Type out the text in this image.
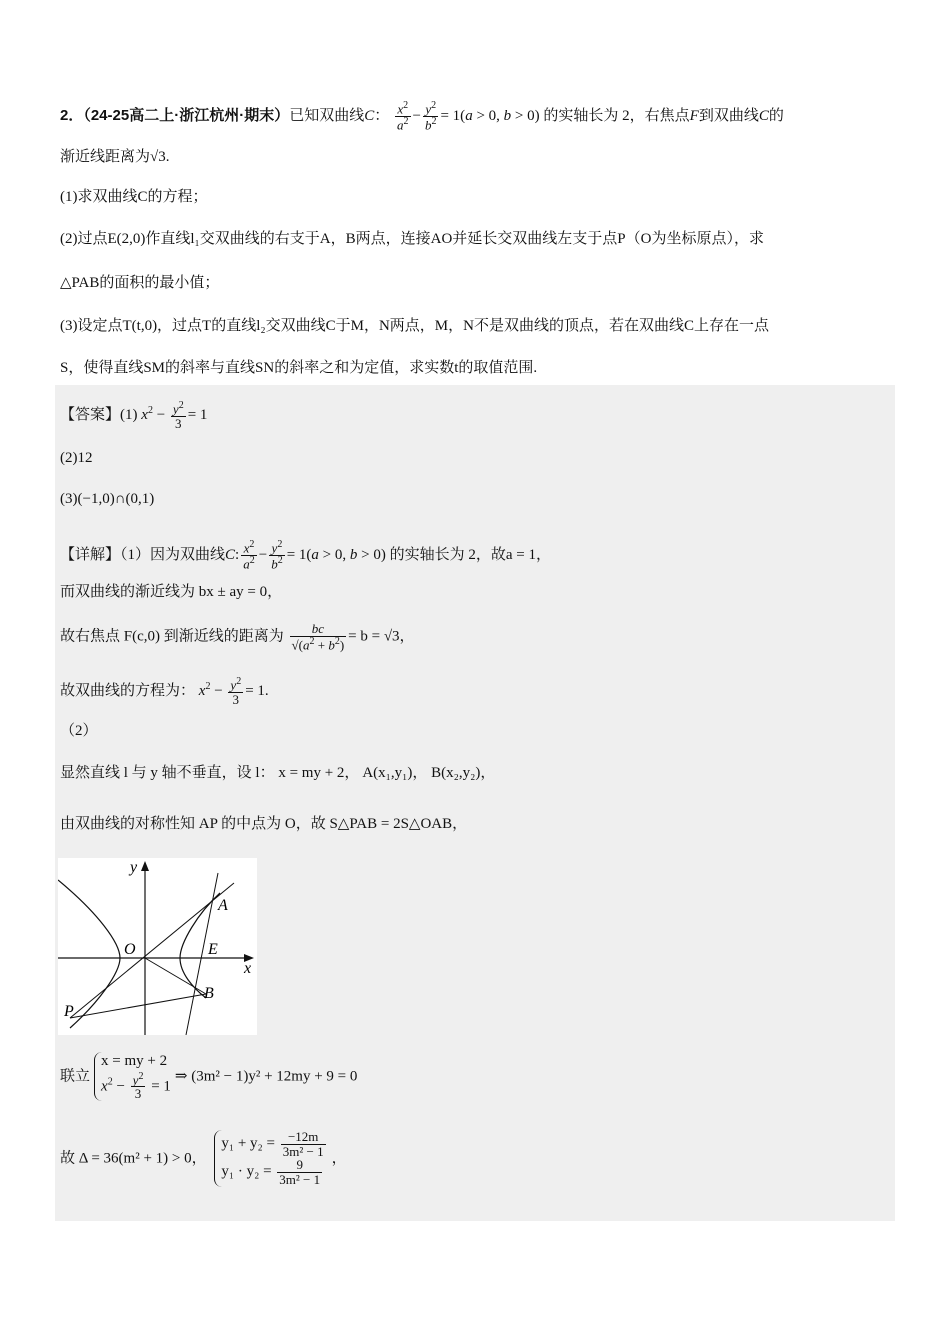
2．（24-25高二上·浙江杭州·期末）已知双曲线C： $\frac{x^2}{a^2} - \frac{y^2}{b^2} = 1(a > 0$, b > 0) 的实轴长为 2，右焦点F到双曲线C的
渐近线距离为√3.
(1)求双曲线C的方程；
(2)过点E(2,0)作直线l₁交双曲线的右支于A，B两点，连接AO并延长交双曲线左支于点P（O为坐标原点），求
△PAB的面积的最小值；
(3)设定点T(t,0)，过点T的直线l₂交双曲线C于M，N两点，M，N不是双曲线的顶点，若在双曲线C上存在一点
S，使得直线SM的斜率与直线SN的斜率之和为定值，求实数t的取值范围.
【答案】(1) $x^2 - \frac{y^2}{3} = 1$
(2)12
(3)(−1,0)∩(0,1)
【详解】（1）因为双曲线C: $\frac{x^2}{a^2} - \frac{y^2}{b^2} = 1(a > 0$, b > 0) 的实轴长为 2，故a = 1，
而双曲线的渐近线为 bx ± ay = 0，
故右焦点 F(c,0) 到渐近线的距离为 $\frac{bc}{√(a^2 + b^2)} = b = √3$，
故双曲线的方程为： $x^2 - \frac{y^2}{3} = 1$.
（2）
显然直线 l 与 y 轴不垂直，设 l： x = my + 2， A(x₁,y₁)， B(x₂,y₂)，
由双曲线的对称性知 AP 的中点为 O，故 S△PAB = 2S△OAB，
y
x
O
A
E
B
P
联立
x = my + 2
$x^2 - \frac{y^2}{3} = 1$
⇒ (3m² − 1)y² + 12my + 9 = 0
故 Δ = 36(m² + 1) > 0，
$y_1 + y_2 = \frac{-12m}{\text{3m² − 1}}$
$y_1 \cdot y_2 = \frac{9}{\text{3m² − 1}}$ ，
